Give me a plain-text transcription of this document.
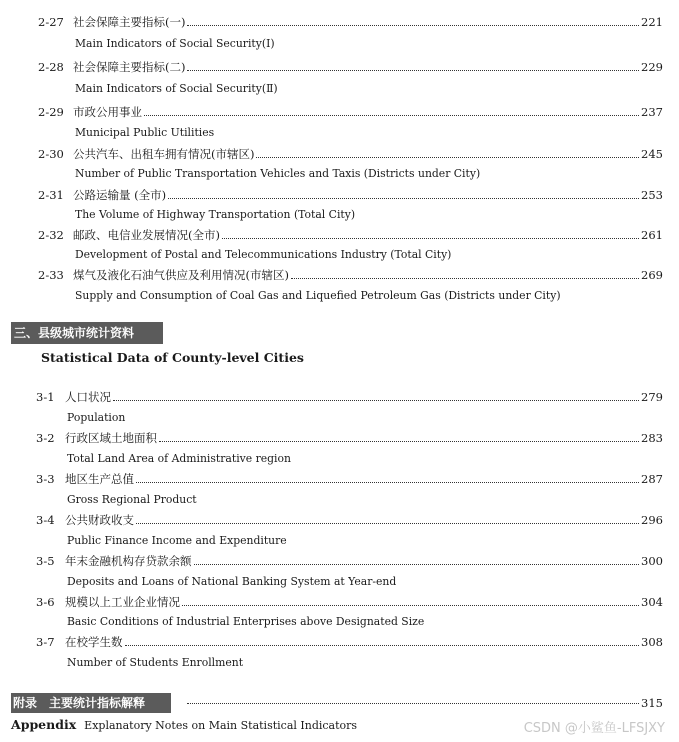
2-27 社会保障主要指标(一)	221
Main Indicators of Social Security(Ⅰ)
2-28 社会保障主要指标(二)	229
Main Indicators of Social Security(Ⅱ)
2-29 市政公用事业	237
Municipal Public Utilities
2-30 公共汽车、出租车拥有情况(市辖区)	245
Number of Public Transportation Vehicles and Taxis (Districts under City)
2-31 公路运输量 (全市)	253
The Volume of Highway Transportation (Total City)
2-32 邮政、电信业发展情况(全市)	261
Development of Postal and Telecommunications Industry (Total City)
2-33 煤气及液化石油气供应及利用情况(市辖区)	269
Supply and Consumption of Coal Gas and Liquefied Petroleum Gas (Districts under City)
三、县级城市统计资料
Statistical Data of County-level Cities
3-1 人口状况	279
Population
3-2 行政区域土地面积	283
Total Land Area of Administrative region
3-3 地区生产总值	287
Gross Regional Product
3-4 公共财政收支	296
Public Finance Income and Expenditure
3-5 年末金融机构存贷款余额	300
Deposits and Loans of National Banking System at Year-end
3-6 规模以上工业企业情况	304
Basic Conditions of Industrial Enterprises above Designated Size
3-7 在校学生数	308
Number of Students Enrollment
附录　主要统计指标解释	315
Appendix Explanatory Notes on Main Statistical Indicators	CSDN @小鲨鱼-LFSJXY
